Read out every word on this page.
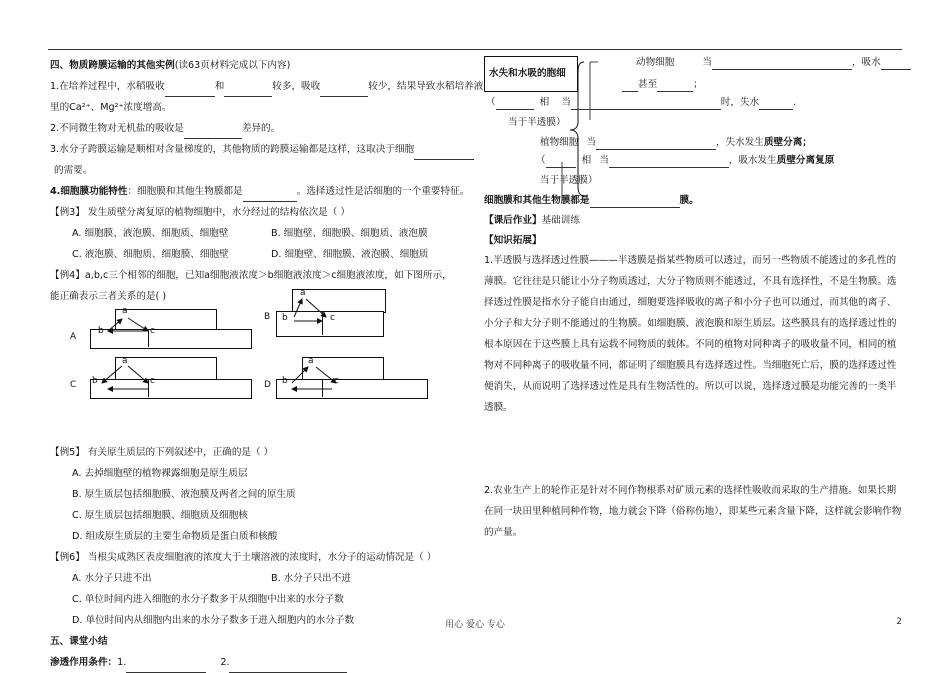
四、物质跨膜运输的其他实例(读63页材料完成以下内容)
1.在培养过程中，水稻吸收	和	较多，吸收	较少，结果导致水稻培养液
里的Ca²⁺、Mg²⁺浓度增高。
2.不同微生物对无机盐的吸收是	差异的。
3.水分子跨膜运输是顺相对含量梯度的，其他物质的跨膜运输都是这样，这取决于细胞
的需要。
4.细胞膜功能特性：细胞膜和其他生物膜都是	。选择透过性是活细胞的一个重要特征。
【例3】 发生质壁分离复原的植物细胞中，水分经过的结构依次是（ ）
A. 细胞膜、液泡膜、细胞质、细胞壁	B. 细胞壁、细胞膜、细胞质、液泡膜
C. 液泡膜、细胞质、细胞膜、细胞壁	D. 细胞壁、细胞膜、液泡膜、细胞质
【例4】a,b,c三个相邻的细胞，已知a细胞液浓度＞b细胞液浓度＞c细胞液浓度，如下图所示，
能正确表示三者关系的是( )
A
a
b	c
B
a
b	c
C
a
b	c	D
a
b	c
【例5】 有关原生质层的下列叙述中，正确的是（ ）
A. 去掉细胞壁的植物裸露细胞是原生质层
B. 原生质层包括细胞膜、液泡膜及两者之间的原生质
C. 原生质层包括细胞膜、细胞质及细胞核
D. 组成原生质层的主要生命物质是蛋白质和核酸
【例6】 当根尖成熟区表皮细胞液的浓度大于土壤溶液的浓度时，水分子的运动情况是（ ）
A. 水分子只进不出	B. 水分子只出不进
C. 单位时间内进入细胞的水分子数多于从细胞中出来的水分子数
D. 单位时间内从细胞内出来的水分子数多于进入细胞内的水分子数
五、课堂小结
渗透作用条件：1.	2.
水失和水吸的胞细
动物细胞	当	，吸水
甚至	；
（	相 当	时，失水	.
当于半透膜）
植物细胞 当	，失水发生质壁分离；
（	相 当	，吸水发生质壁分离复原
当于半透膜）
细胞膜和其他生物膜都是	膜。
【课后作业】基础训练
【知识拓展】
1.半透膜与选择透过性膜———半透膜是指某些物质可以透过，而另一些物质不能透过的多孔性的薄膜。它往往是只能让小分子物质透过，大分子物质则不能透过，不具有选择性，不是生物膜。选择透过性膜是指水分子能自由通过，细胞要选择吸收的离子和小分子也可以通过，而其他的离子、小分子和大分子则不能通过的生物膜。如细胞膜、液泡膜和原生质层。这些膜具有的选择透过性的根本原因在于这些膜上具有运载不同物质的载体。不同的植物对同种离子的吸收量不同，相同的植物对不同种离子的吸收量不同，都证明了细胞膜具有选择透过性。当细胞死亡后，膜的选择透过性便消失，从而说明了选择透过性是具有生物活性的。所以可以说，选择透过膜是功能完善的一类半透膜。
2.农业生产上的轮作正是针对不同作物根系对矿质元素的选择性吸收而采取的生产措施。如果长期在同一块田里种植同种作物，地力就会下降（俗称伤地），即某些元素含量下降，这样就会影响作物的产量。
用心 爱心 专心	2
